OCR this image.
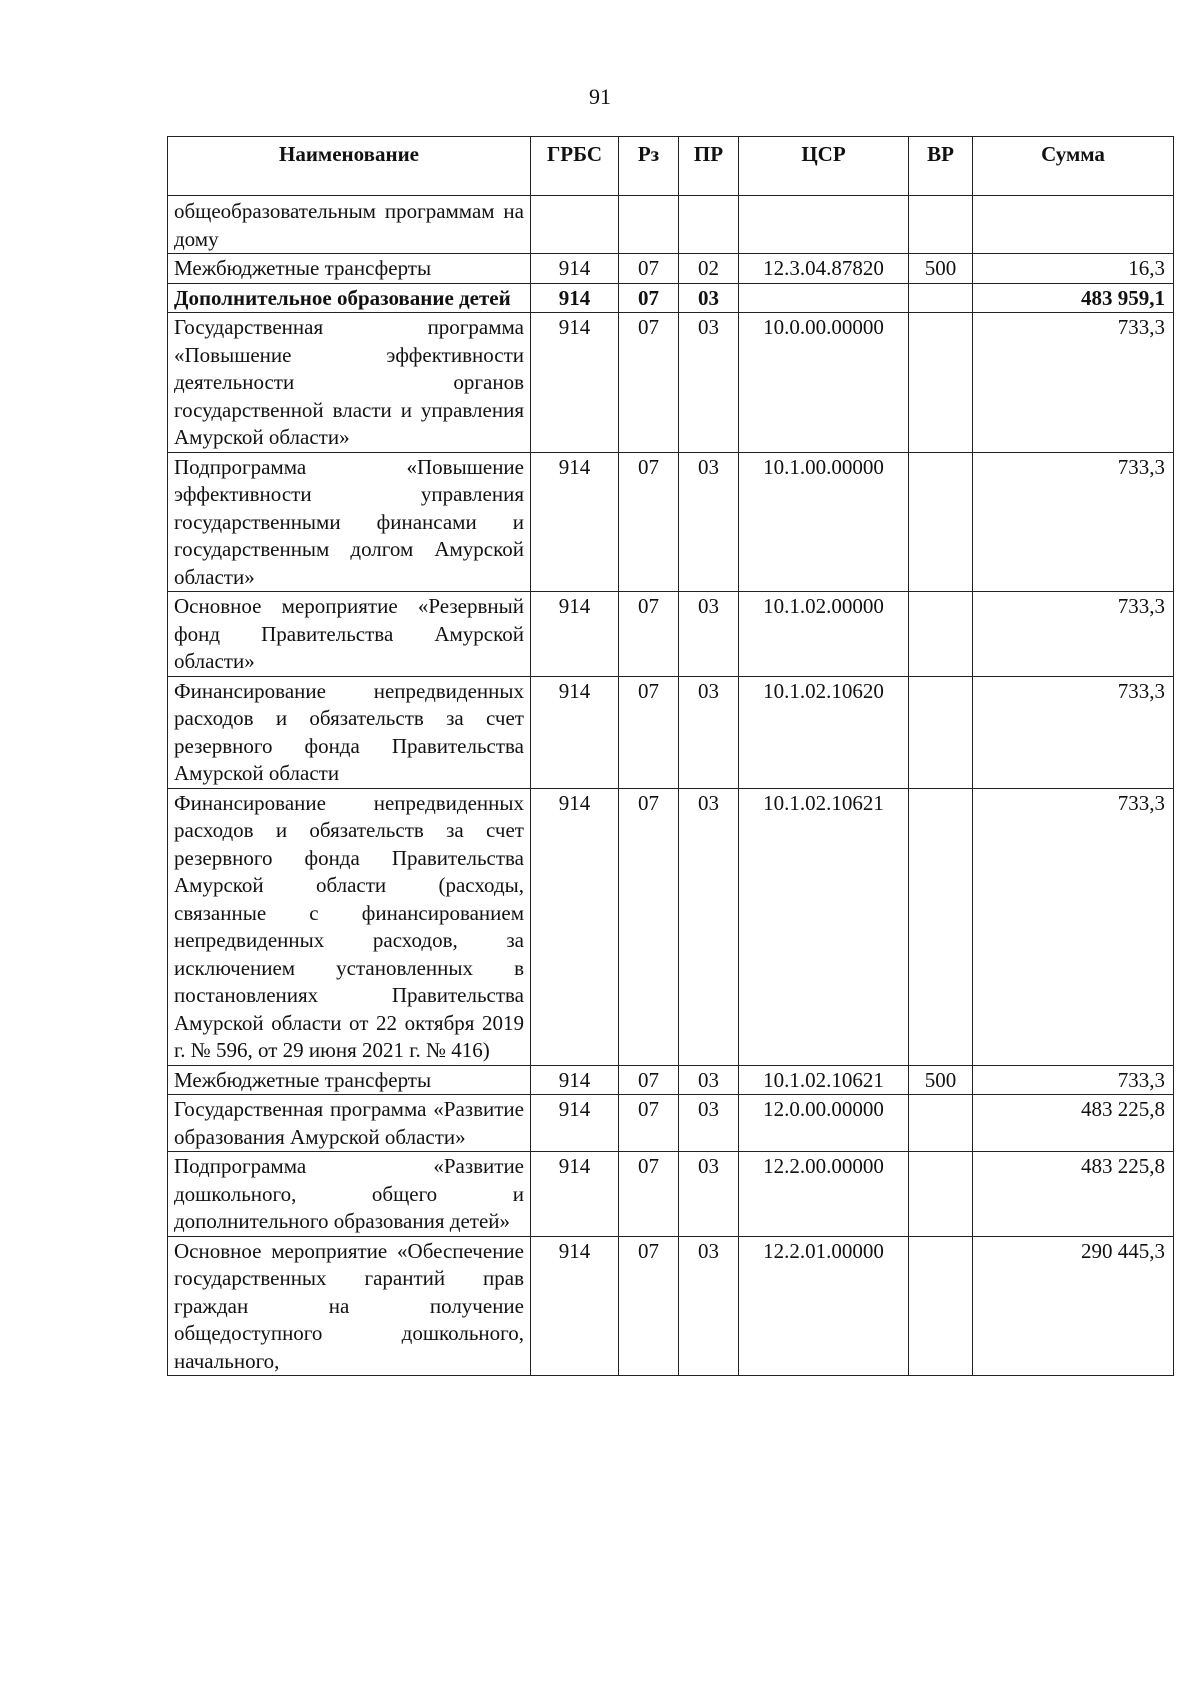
91
Наименование	ГРБС	Рз	ПР	ЦСР	ВР	Сумма
общеобразовательным программам на дому						
Межбюджетные трансферты	914	07	02	12.3.04.87820	500	16,3
Дополнительное образование детей	914	07	03			483 959,1
Государственная программа «Повышение эффективности деятельности органов государственной власти и управления Амурской области»	914	07	03	10.0.00.00000		733,3
Подпрограмма «Повышение эффективности управления государственными финансами и государственным долгом Амурской области»	914	07	03	10.1.00.00000		733,3
Основное мероприятие «Резервный фонд Правительства Амурской области»	914	07	03	10.1.02.00000		733,3
Финансирование непредвиденных расходов и обязательств за счет резервного фонда Правительства Амурской области	914	07	03	10.1.02.10620		733,3
Финансирование непредвиденных расходов и обязательств за счет резервного фонда Правительства Амурской области (расходы, связанные с финансированием непредвиденных расходов, за исключением установленных в постановлениях Правительства Амурской области от 22 октября 2019 г. № 596, от 29 июня 2021 г. № 416)	914	07	03	10.1.02.10621		733,3
Межбюджетные трансферты	914	07	03	10.1.02.10621	500	733,3
Государственная программа «Развитие образования Амурской области»	914	07	03	12.0.00.00000		483 225,8
Подпрограмма «Развитие дошкольного, общего и дополнительного образования детей»	914	07	03	12.2.00.00000		483 225,8
Основное мероприятие «Обеспечение государственных гарантий прав граждан на получение общедоступного дошкольного, начального,	914	07	03	12.2.01.00000		290 445,3
